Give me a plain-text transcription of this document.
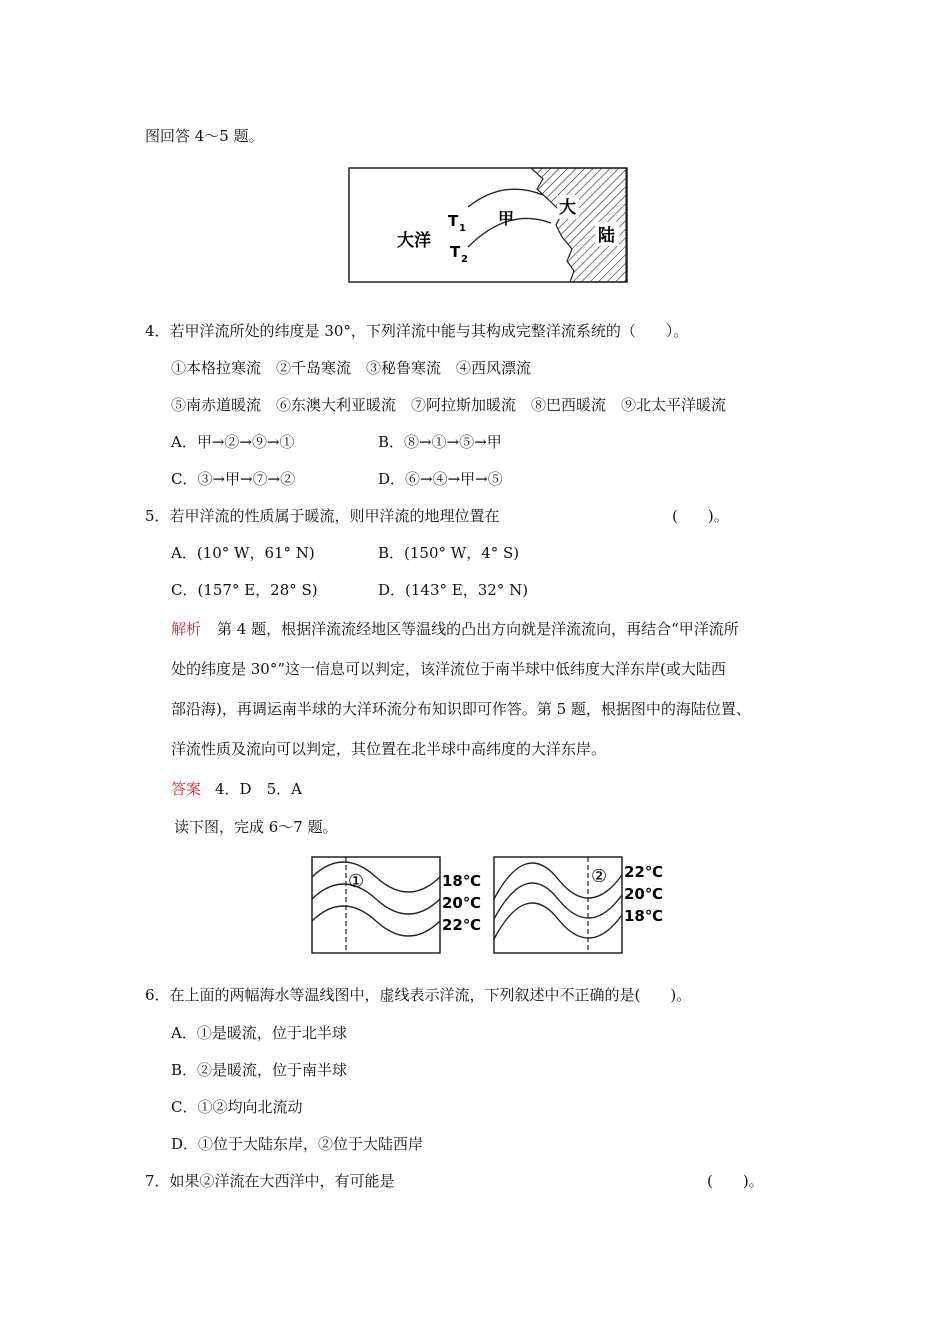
图回答 4～5 题。
大洋
甲
T 1
T 2
大
陆
4．若甲洋流所处的纬度是 30°，下列洋流中能与其构成完整洋流系统的（　　）。
①本格拉寒流　②千岛寒流　③秘鲁寒流　④西风漂流
⑤南赤道暖流　⑥东澳大利亚暖流　⑦阿拉斯加暖流　⑧巴西暖流　⑨北太平洋暖流
A．甲→②→⑨→①	B．⑧→①→⑤→甲
C．③→甲→⑦→②	D．⑥→④→甲→⑤
5．若甲洋流的性质属于暖流，则甲洋流的地理位置在	(　　)。
A．(10° W，61° N)	B．(150° W，4° S)
C．(157° E，28° S)	D．(143° E，32° N)
解析 第 4 题，根据洋流流经地区等温线的凸出方向就是洋流流向，再结合“甲洋流所
处的纬度是 30°”这一信息可以判定，该洋流位于南半球中低纬度大洋东岸(或大陆西
部沿海)，再调运南半球的大洋环流分布知识即可作答。第 5 题，根据图中的海陆位置、
洋流性质及流向可以判定，其位置在北半球中高纬度的大洋东岸。
答案 4．D　5．A
读下图，完成 6～7 题。
①	18℃
20℃
22℃
② 22℃
20℃
18℃
6．在上面的两幅海水等温线图中，虚线表示洋流，下列叙述中不正确的是(　　)。
A．①是暖流，位于北半球
B．②是暖流，位于南半球
C．①②均向北流动
D．①位于大陆东岸，②位于大陆西岸
7．如果②洋流在大西洋中，有可能是	(　　)。
